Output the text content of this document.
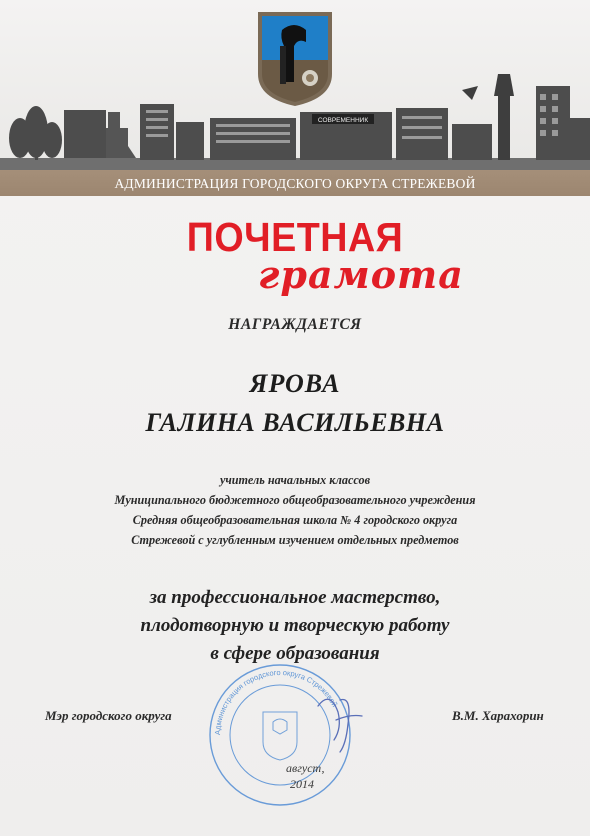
СОВРЕМЕННИК
АДМИНИСТРАЦИЯ ГОРОДСКОГО ОКРУГА СТРЕЖЕВОЙ
ПОЧЕТНАЯ
грамота
НАГРАЖДАЕТСЯ
ЯРОВА
ГАЛИНА ВАСИЛЬЕВНА
учитель начальных классов
Муниципального бюджетного общеобразовательного учреждения
Средняя общеобразовательная школа № 4 городского округа
Стрежевой с углубленным изучением отдельных предметов
за профессиональное мастерство,
плодотворную и творческую работу
в сфере образования
Администрация городского округа Стрежевой
Мэр городского округа	В.М. Харахорин
август,
2014
